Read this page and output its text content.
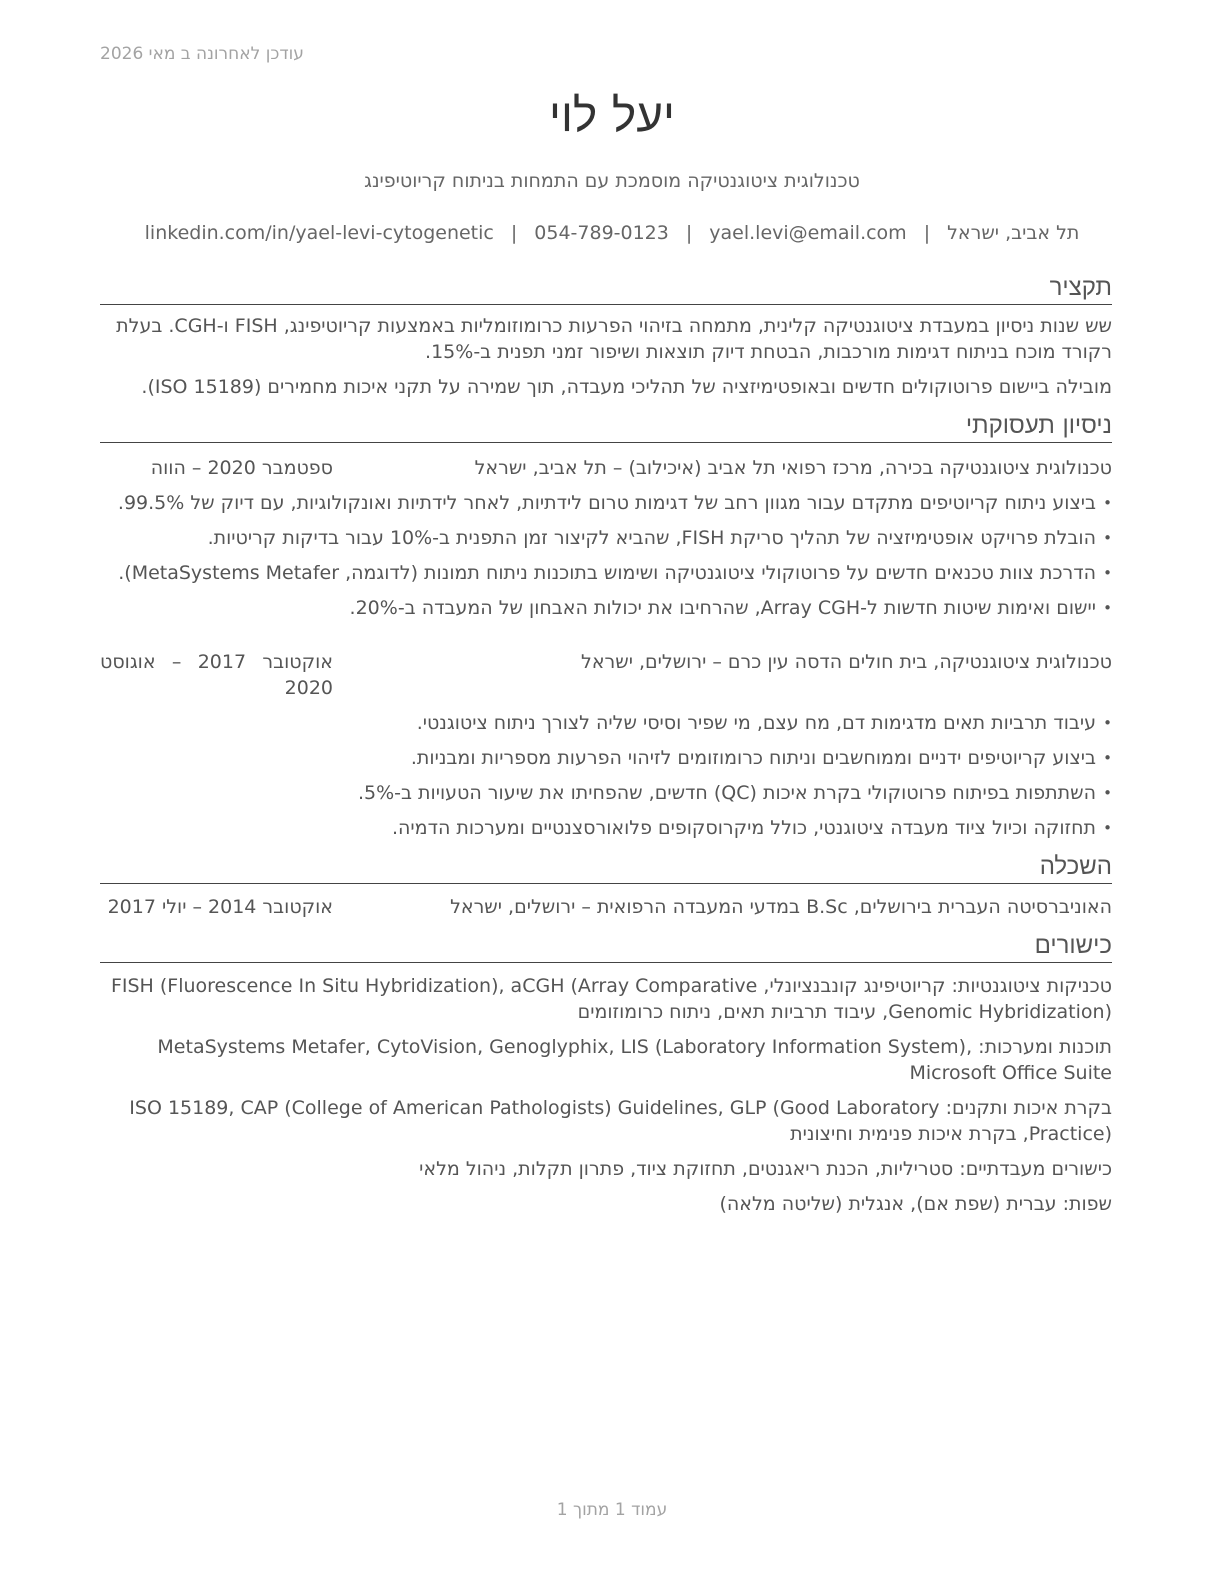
עודכן לאחרונה ב מאי 2026
יעל לוי
טכנולוגית ציטוגנטיקה מוסמכת עם התמחות בניתוח קריוטיפינג
תל אביב, ישראל|yael.levi@email.com|054-789-0123|linkedin.com/in/yael-levi-cytogenetic
תקציר

שש שנות ניסיון במעבדת ציטוגנטיקה קלינית, מתמחה בזיהוי הפרעות כרומוזומליות באמצעות קריוטיפינג, FISH ו-CGH. בעלת רקורד מוכח בניתוח דגימות מורכבות, הבטחת דיוק תוצאות ושיפור זמני תפנית ב-15%.

מובילה ביישום פרוטוקולים חדשים ובאופטימיזציה של תהליכי מעבדה, תוך שמירה על תקני איכות מחמירים (ISO 15189).

ניסיון תעסוקתי
טכנולוגית ציטוגנטיקה בכירה, מרכז רפואי תל אביב (איכילוב) – תל אביב, ישראל
ספטמבר 2020 – הווה
• ביצוע ניתוח קריוטיפים מתקדם עבור מגוון רחב של דגימות טרום לידתיות, לאחר לידתיות ואונקולוגיות, עם דיוק של 99.5%.
• הובלת פרויקט אופטימיזציה של תהליך סריקת FISH, שהביא לקיצור זמן התפנית ב-10% עבור בדיקות קריטיות.
• הדרכת צוות טכנאים חדשים על פרוטוקולי ציטוגנטיקה ושימוש בתוכנות ניתוח תמונות (לדוגמה, MetaSystems Metafer).
• יישום ואימות שיטות חדשות ל-Array CGH, שהרחיבו את יכולות האבחון של המעבדה ב-20%.
טכנולוגית ציטוגנטיקה, בית חולים הדסה עין כרם – ירושלים, ישראל
אוקטובר 2017 – אוגוסט 2020
• עיבוד תרביות תאים מדגימות דם, מח עצם, מי שפיר וסיסי שליה לצורך ניתוח ציטוגנטי.
• ביצוע קריוטיפים ידניים וממוחשבים וניתוח כרומוזומים לזיהוי הפרעות מספריות ומבניות.
• השתתפות בפיתוח פרוטוקולי בקרת איכות (QC) חדשים, שהפחיתו את שיעור הטעויות ב-5%.
• תחזוקה וכיול ציוד מעבדה ציטוגנטי, כולל מיקרוסקופים פלואורסצנטיים ומערכות הדמיה.
השכלה
האוניברסיטה העברית בירושלים, B.Sc במדעי המעבדה הרפואית – ירושלים, ישראל
אוקטובר 2014 – יולי 2017
כישורים
טכניקות ציטוגנטיות: קריוטיפינג קונבנציונלי, FISH (Fluorescence In Situ Hybridization), aCGH (Array Comparative Genomic Hybridization), עיבוד תרביות תאים, ניתוח כרומוזומים
תוכנות ומערכות: MetaSystems Metafer, CytoVision, Genoglyphix, LIS (Laboratory Information System), Microsoft Office Suite
בקרת איכות ותקנים: ISO 15189, CAP (College of American Pathologists) Guidelines, GLP (Good Laboratory Practice), בקרת איכות פנימית וחיצונית
כישורים מעבדתיים: סטריליות, הכנת ריאגנטים, תחזוקת ציוד, פתרון תקלות, ניהול מלאי
שפות: עברית (שפת אם), אנגלית (שליטה מלאה)
עמוד 1 מתוך 1
